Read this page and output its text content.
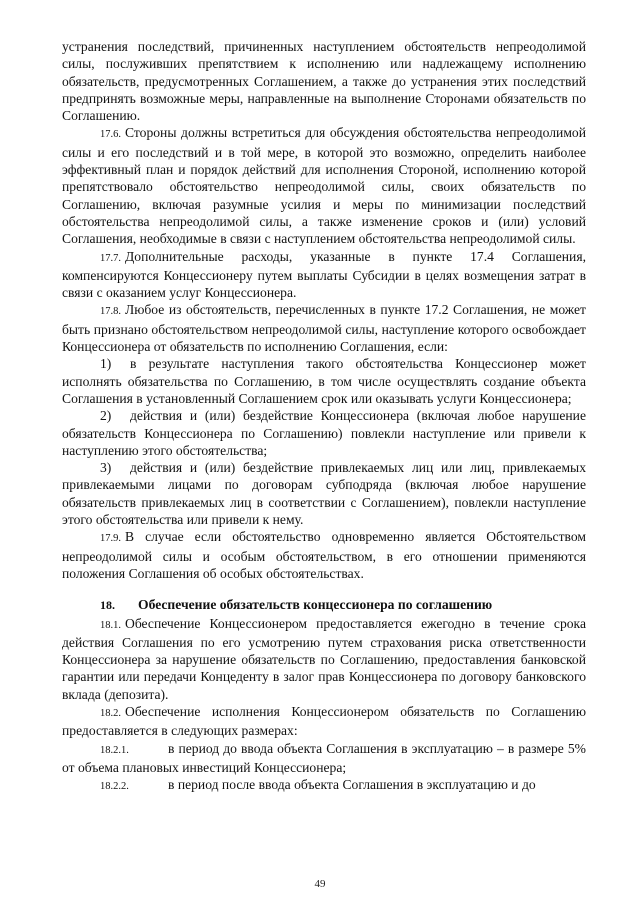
устранения последствий, причиненных наступлением обстоятельств непреодолимой силы, послуживших препятствием к исполнению или надлежащему исполнению обязательств, предусмотренных Соглашением, а также до устранения этих последствий предпринять возможные меры, направленные на выполнение Сторонами обязательств по Соглашению.

17.6. Стороны должны встретиться для обсуждения обстоятельства непреодолимой силы и его последствий и в той мере, в которой это возможно, определить наиболее эффективный план и порядок действий для исполнения Стороной, исполнению которой препятствовало обстоятельство непреодолимой силы, своих обязательств по Соглашению, включая разумные усилия и меры по минимизации последствий обстоятельства непреодолимой силы, а также изменение сроков и (или) условий Соглашения, необходимые в связи с наступлением обстоятельства непреодолимой силы.

17.7. Дополнительные расходы, указанные в пункте 17.4 Соглашения, компенсируются Концессионеру путем выплаты Субсидии в целях возмещения затрат в связи с оказанием услуг Концессионера.

17.8. Любое из обстоятельств, перечисленных в пункте 17.2 Соглашения, не может быть признано обстоятельством непреодолимой силы, наступление которого освобождает Концессионера от обязательств по исполнению Соглашения, если:

1) в результате наступления такого обстоятельства Концессионер может исполнять обязательства по Соглашению, в том числе осуществлять создание объекта Соглашения в установленный Соглашением срок или оказывать услуги Концессионера;

2) действия и (или) бездействие Концессионера (включая любое нарушение обязательств Концессионера по Соглашению) повлекли наступление или привели к наступлению этого обстоятельства;

3) действия и (или) бездействие привлекаемых лиц или лиц, привлекаемых привлекаемыми лицами по договорам субподряда (включая любое нарушение обязательств привлекаемых лиц в соответствии с Соглашением), повлекли наступление этого обстоятельства или привели к нему.

17.9. В случае если обстоятельство одновременно является Обстоятельством непреодолимой силы и особым обстоятельством, в его отношении применяются положения Соглашения об особых обстоятельствах.

18. Обеспечение обязательств концессионера по соглашению

18.1. Обеспечение Концессионером предоставляется ежегодно в течение срока действия Соглашения по его усмотрению путем страхования риска ответственности Концессионера за нарушение обязательств по Соглашению, предоставления банковской гарантии или передачи Концеденту в залог прав Концессионера по договору банковского вклада (депозита).

18.2. Обеспечение исполнения Концессионером обязательств по Соглашению предоставляется в следующих размерах:

18.2.1.	в период до ввода объекта Соглашения в эксплуатацию – в размере 5% от объема плановых инвестиций Концессионера;

18.2.2.	в период после ввода объекта Соглашения в эксплуатацию и до

49
